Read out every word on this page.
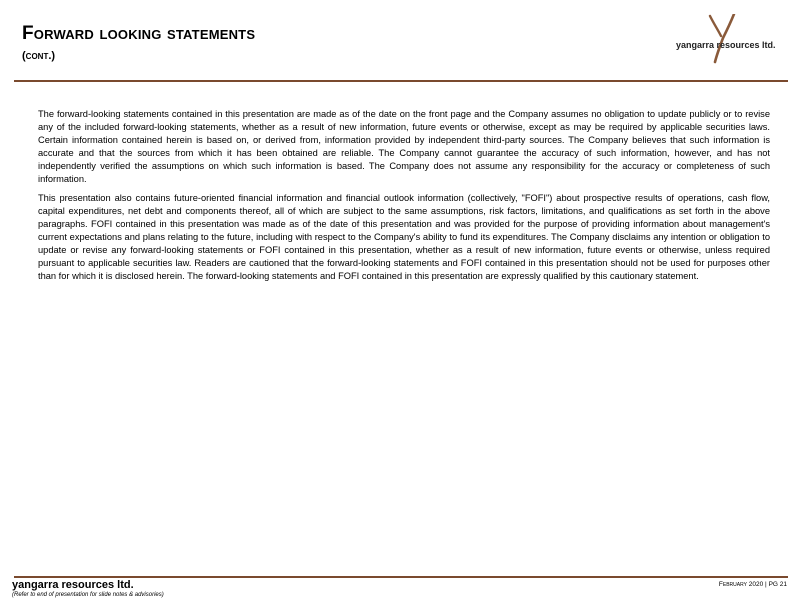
Forward looking statements
(cont.)
yangarra resources ltd.

The forward-looking statements contained in this presentation are made as of the date on the front page and the Company assumes no obligation to update publicly or to revise any of the included forward-looking statements, whether as a result of new information, future events or otherwise, except as may be required by applicable securities laws. Certain information contained herein is based on, or derived from, information provided by independent third-party sources. The Company believes that such information is accurate and that the sources from which it has been obtained are reliable. The Company cannot guarantee the accuracy of such information, however, and has not independently verified the assumptions on which such information is based. The Company does not assume any responsibility for the accuracy or completeness of such information.

This presentation also contains future-oriented financial information and financial outlook information (collectively, "FOFI") about prospective results of operations, cash flow, capital expenditures, net debt and components thereof, all of which are subject to the same assumptions, risk factors, limitations, and qualifications as set forth in the above paragraphs. FOFI contained in this presentation was made as of the date of this presentation and was provided for the purpose of providing information about management's current expectations and plans relating to the future, including with respect to the Company's ability to fund its expenditures. The Company disclaims any intention or obligation to update or revise any forward-looking statements or FOFI contained in this presentation, whether as a result of new information, future events or otherwise, unless required pursuant to applicable securities law. Readers are cautioned that the forward-looking statements and FOFI contained in this presentation should not be used for purposes other than for which it is disclosed herein. The forward-looking statements and FOFI contained in this presentation are expressly qualified by this cautionary statement.

yangarra resources ltd.
(Refer to end of presentation for slide notes & advisories)
February 2020 | PG 21
